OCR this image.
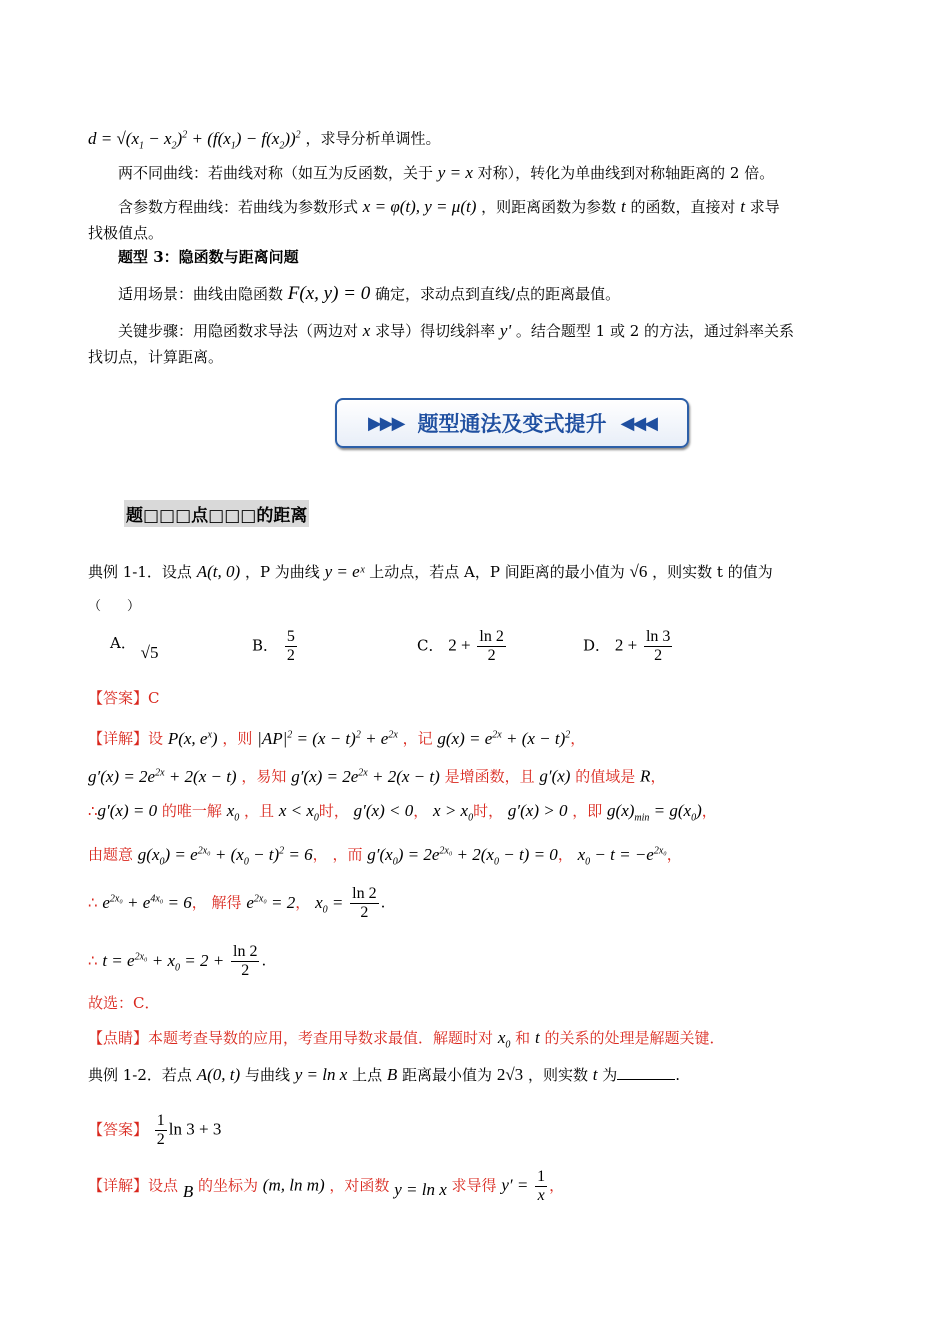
$d = √(x_1 - x_2)^2 + (f(x_1) - f(x_2))^2$ ，求导分析单调性。
两不同曲线：若曲线对称（如互为反函数，关于 y = x 对称），转化为单曲线到对称轴距离的 2 倍。
含参数方程曲线：若曲线为参数形式 x = φ(t), y = μ(t) ，则距离函数为参数 t 的函数，直接对 t 求导
找极值点。
题型 3：隐函数与距离问题
适用场景：曲线由隐函数 F(x, y) = 0 确定，求动点到直线/点的距离最值。
关键步骤：用隐函数求导法（两边对 x 求导）得切线斜率 y' 。结合题型 1 或 2 的方法，通过斜率关系
找切点，计算距离。
▶▶▶ 题型通法及变式提升 ◀◀◀
题□□□点□□□的距离
典例 1-1．设点 A(t, 0) ，P 为曲线 y = eˣ 上动点，若点 A，P 间距离的最小值为 √6 ，则实数 t 的值为
（　　）
A． √5	B． $\frac{5}{2}$	C． $2 + \frac{\ln 2}{2}$	D． $2 + \frac{\ln 3}{2}$
【答案】C
【详解】设 P(x, $e^x$) ，则 $|AP|^2 = (x - t)^2 + e^{2x}$ ，记 $g(x) = e^{2x} + (x - t)^2$，
$g'(x) = 2e^{2x} + 2(x - t)$ ，易知 $g'(x) = 2e^{2x} + 2(x - t)$ 是增函数，且 g′(x) 的值域是 R，
∴g′(x) = 0 的唯一解 $x_0$ ，且 $x < x_0$时， g′(x) < 0， $x > x_0$时， g′(x) > 0 ，即 $g(x)_{min} = g(x_0)$，
由题意 $g(x_0) = e^{2x_0} + (x_0 - t)^2 = 6$， ，而 $g'(x_0) = 2e^{2x_0} + 2(x_0 - t) = 0$， $x_0 - t = -e^{2x_0}$，
∴ $e^{2x_0} + e^{4x_0} = 6$， 解得 $e^{2x_0} = 2$， $x_0 = \frac{\ln 2}{2}$ .
∴ $t = e^{2x_0} + x_0 = 2 + \frac{\ln 2}{2}$ .
故选：C．
【点睛】本题考查导数的应用，考查用导数求最值．解题时对 $x_0$ 和 t 的关系的处理是解题关键．
典例 1-2．若点 A(0, t) 与曲线 y = ln x 上点 B 距离最小值为 2√3 ，则实数 t 为	.
【答案】 $\frac{1}{2}$ ln 3 + 3
【详解】设点 B 的坐标为 (m, ln m) ，对函数 y = ln x 求导得 $y' = \frac{1}{x}$ ，
